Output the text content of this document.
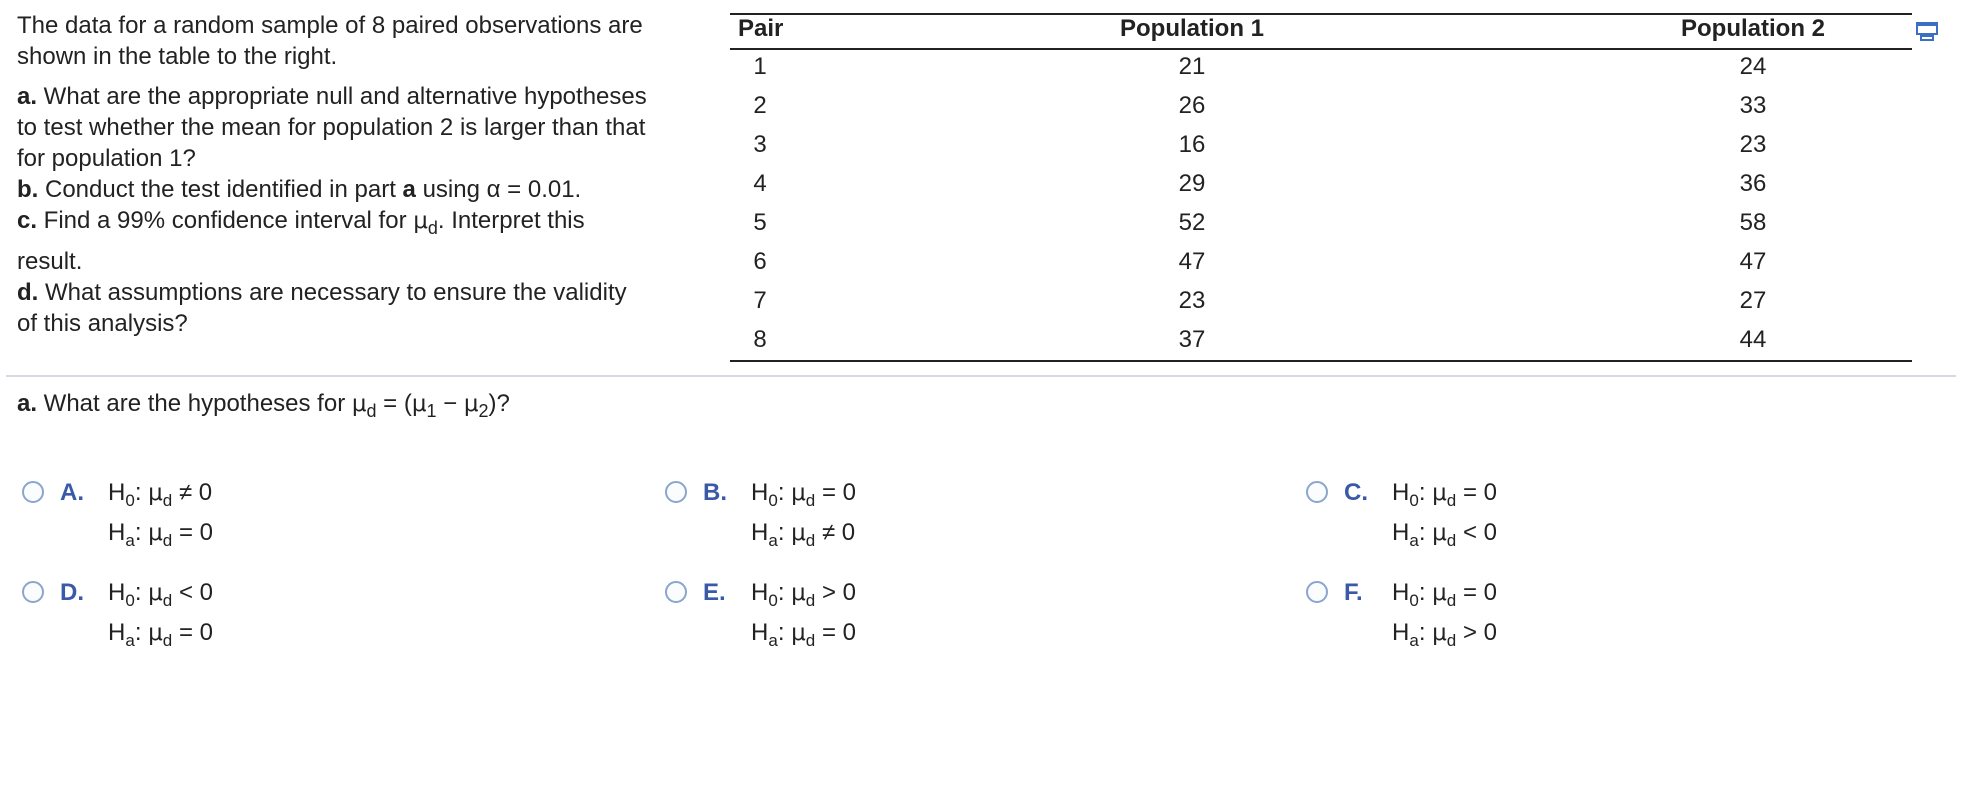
The data for a random sample of 8 paired observations are

shown in the table to the right.

a. What are the appropriate null and alternative hypotheses

to test whether the mean for population 2 is larger than that

for population 1?

b. Conduct the test identified in part a using α = 0.01.

c. Find a 99% confidence interval for $\mu_d$. Interpret this

result.

d. What assumptions are necessary to ensure the validity

of this analysis?

Pair	Population 1	Population 2
1	21	24
2	26	33
3	16	23
4	29	36
5	52	58
6	47	47
7	23	27
8	37	44
a. What are the hypotheses for $\mu_d = (\mu_1 - \mu_2)$?
A. $H_0$: $\mu_d \ne 0$
$H_a$: $\mu_d = 0$
B. $H_0$: $\mu_d = 0$
$H_a$: $\mu_d \ne 0$
C. $H_0$: $\mu_d = 0$
$H_a$: $\mu_d < 0$
D. $H_0$: $\mu_d < 0$
$H_a$: $\mu_d = 0$
E. $H_0$: $\mu_d > 0$
$H_a$: $\mu_d = 0$
F. $H_0$: $\mu_d = 0$
$H_a$: $\mu_d > 0$
